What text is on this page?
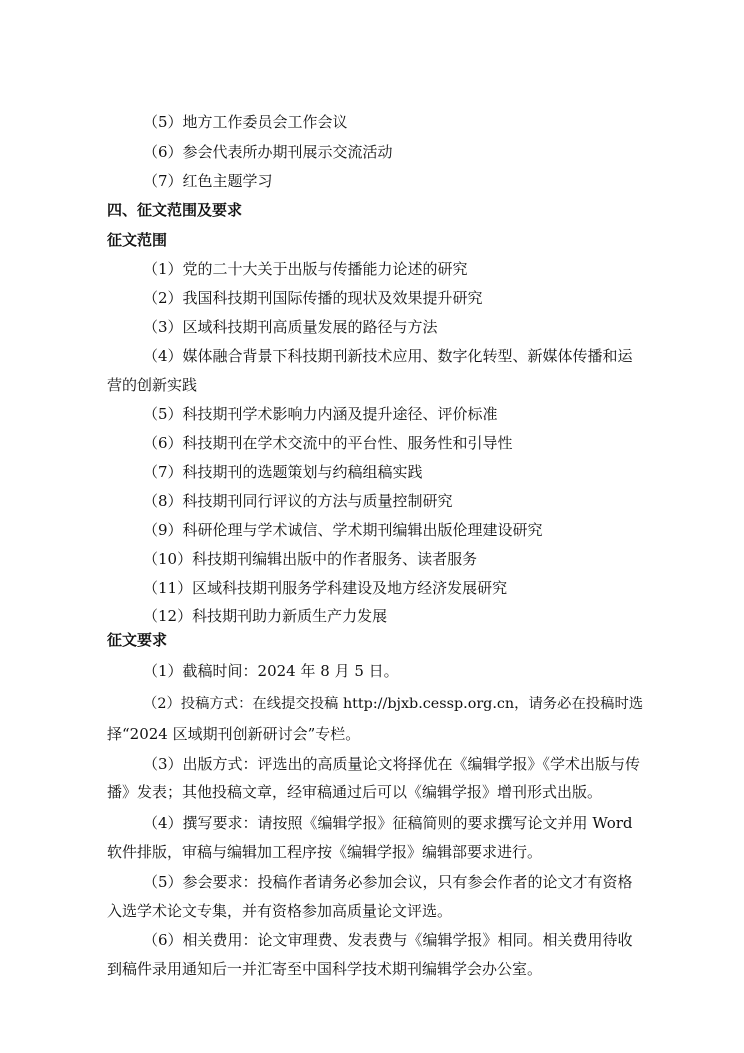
（5）地方工作委员会工作会议
（6）参会代表所办期刊展示交流活动
（7）红色主题学习
四、征文范围及要求
征文范围
（1）党的二十大关于出版与传播能力论述的研究
（2）我国科技期刊国际传播的现状及效果提升研究
（3）区域科技期刊高质量发展的路径与方法
（4）媒体融合背景下科技期刊新技术应用、数字化转型、新媒体传播和运
营的创新实践
（5）科技期刊学术影响力内涵及提升途径、评价标准
（6）科技期刊在学术交流中的平台性、服务性和引导性
（7）科技期刊的选题策划与约稿组稿实践
（8）科技期刊同行评议的方法与质量控制研究
（9）科研伦理与学术诚信、学术期刊编辑出版伦理建设研究
（10）科技期刊编辑出版中的作者服务、读者服务
（11）区域科技期刊服务学科建设及地方经济发展研究
（12）科技期刊助力新质生产力发展
征文要求
（1）截稿时间：2024 年 8 月 5 日。
（2）投稿方式：在线提交投稿 http://bjxb.cessp.org.cn，请务必在投稿时选
择“2024 区域期刊创新研讨会”专栏。
（3）出版方式：评选出的高质量论文将择优在《编辑学报》《学术出版与传
播》发表；其他投稿文章，经审稿通过后可以《编辑学报》增刊形式出版。
（4）撰写要求：请按照《编辑学报》征稿简则的要求撰写论文并用 Word
软件排版，审稿与编辑加工程序按《编辑学报》编辑部要求进行。
（5）参会要求：投稿作者请务必参加会议，只有参会作者的论文才有资格
入选学术论文专集，并有资格参加高质量论文评选。
（6）相关费用：论文审理费、发表费与《编辑学报》相同。相关费用待收
到稿件录用通知后一并汇寄至中国科学技术期刊编辑学会办公室。
